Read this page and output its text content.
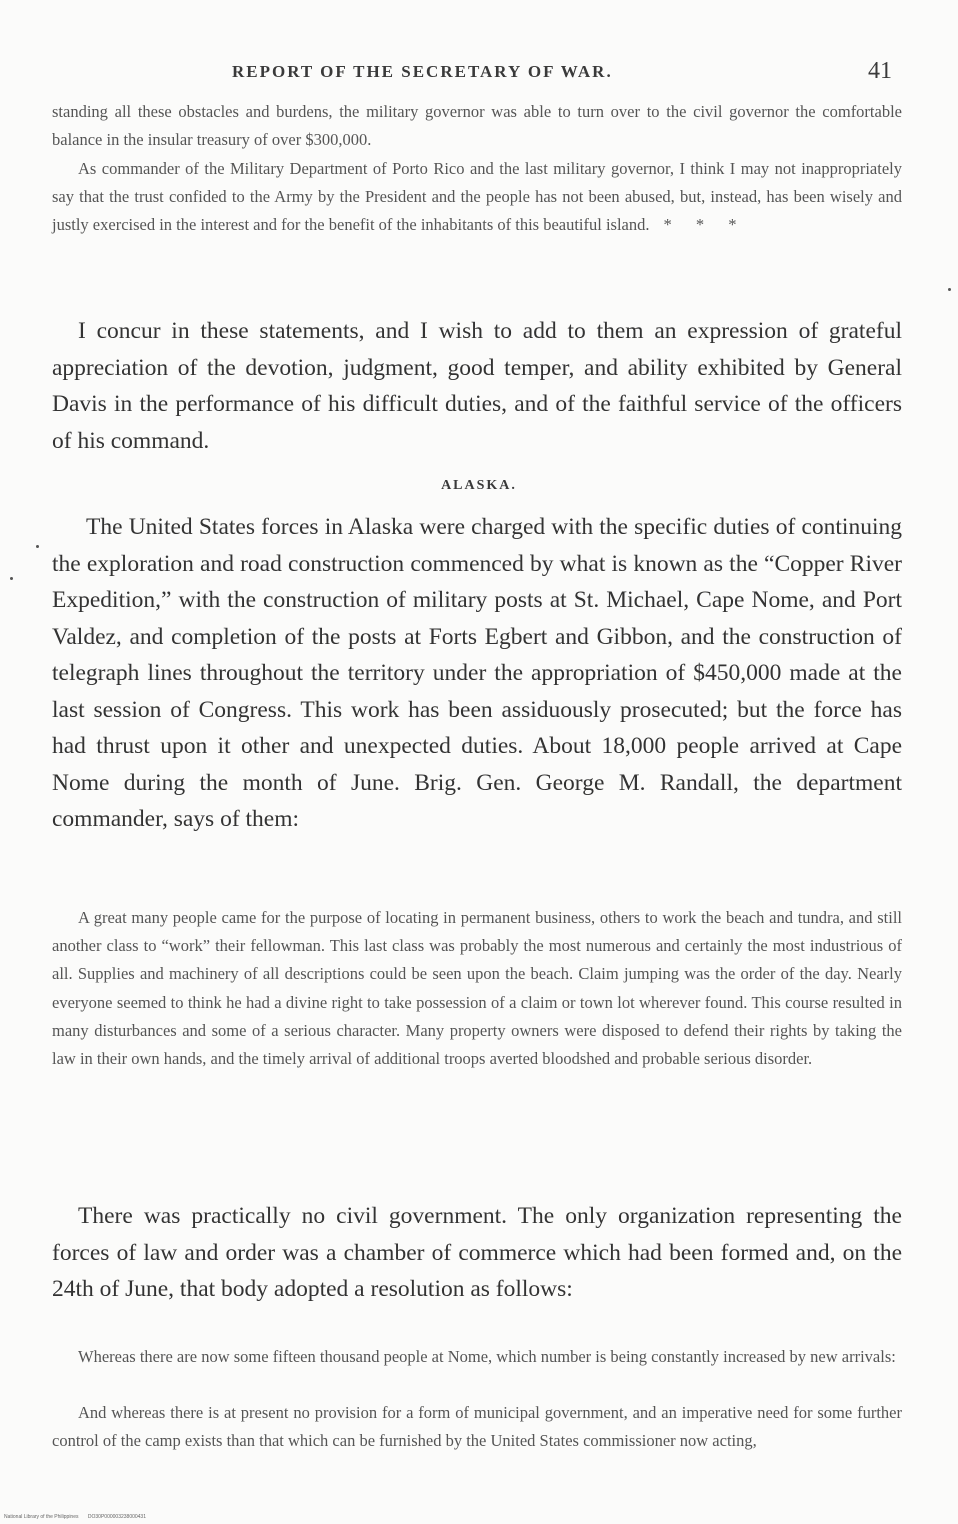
REPORT OF THE SECRETARY OF WAR.	41

standing all these obstacles and burdens, the military governor was able to turn over to the civil governor the comfortable balance in the insular treasury of over $300,000.

As commander of the Military Department of Porto Rico and the last military governor, I think I may not inappropriately say that the trust confided to the Army by the President and the people has not been abused, but, instead, has been wisely and justly exercised in the interest and for the benefit of the inhabitants of this beautiful island. * * *

I concur in these statements, and I wish to add to them an expression of grateful appreciation of the devotion, judgment, good temper, and ability exhibited by General Davis in the performance of his difficult duties, and of the faithful service of the officers of his command.

ALASKA.

The United States forces in Alaska were charged with the specific duties of continuing the exploration and road construction commenced by what is known as the “Copper River Expedition,” with the construction of military posts at St. Michael, Cape Nome, and Port Valdez, and completion of the posts at Forts Egbert and Gibbon, and the construction of telegraph lines throughout the territory under the appropriation of $450,000 made at the last session of Congress. This work has been assiduously prosecuted; but the force has had thrust upon it other and unexpected duties. About 18,000 people arrived at Cape Nome during the month of June. Brig. Gen. George M. Randall, the department commander, says of them:

A great many people came for the purpose of locating in permanent business, others to work the beach and tundra, and still another class to “work” their fellowman. This last class was probably the most numerous and certainly the most industrious of all. Supplies and machinery of all descriptions could be seen upon the beach. Claim jumping was the order of the day. Nearly everyone seemed to think he had a divine right to take possession of a claim or town lot wherever found. This course resulted in many disturbances and some of a serious character. Many property owners were disposed to defend their rights by taking the law in their own hands, and the timely arrival of additional troops averted bloodshed and probable serious disorder.

There was practically no civil government. The only organization representing the forces of law and order was a chamber of commerce which had been formed and, on the 24th of June, that body adopted a resolution as follows:

Whereas there are now some fifteen thousand people at Nome, which number is being constantly increased by new arrivals:

And whereas there is at present no provision for a form of municipal government, and an imperative need for some further control of the camp exists than that which can be furnished by the United States commissioner now acting,

National Library of the Philippines DO30P000003238000431
